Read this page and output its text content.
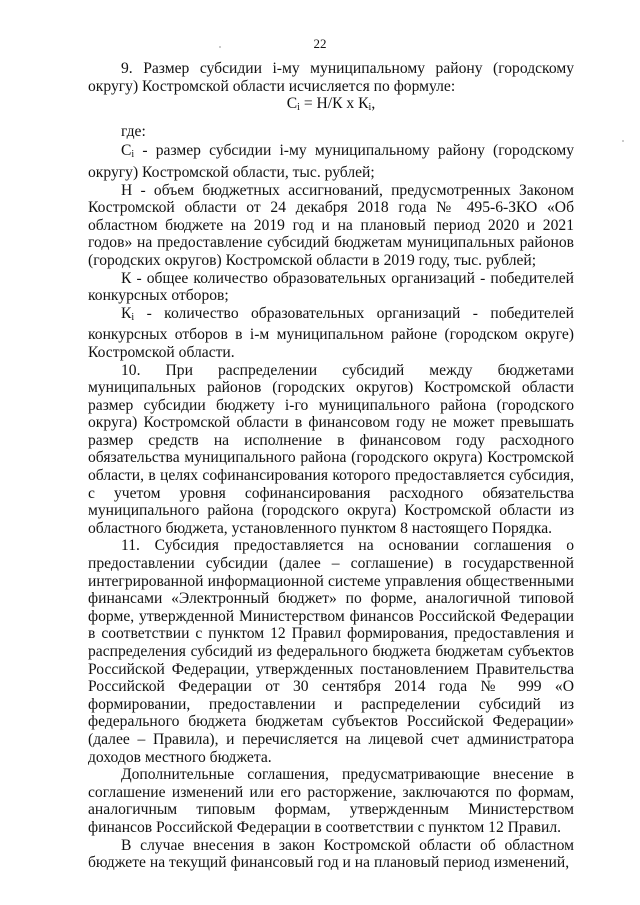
22

9. Размер субсидии i-му муниципальному району (городскому округу) Костромской области исчисляется по формуле:

$C_i = Н/К$ х $К_i$,

где:

$C_i$ - размер субсидии i-му муниципальному району (городскому округу) Костромской области, тыс. рублей;

Н - объем бюджетных ассигнований, предусмотренных Законом Костромской области от 24 декабря 2018 года № 495-6-ЗКО «Об областном бюджете на 2019 год и на плановый период 2020 и 2021 годов» на предоставление субсидий бюджетам муниципальных районов (городских округов) Костромской области в 2019 году, тыс. рублей;

К - общее количество образовательных организаций - победителей конкурсных отборов;

$К_i$ - количество образовательных организаций - победителей конкурсных отборов в i-м муниципальном районе (городском округе) Костромской области.

10. При распределении субсидий между бюджетами муниципальных районов (городских округов) Костромской области размер субсидии бюджету i-го муниципального района (городского округа) Костромской области в финансовом году не может превышать размер средств на исполнение в финансовом году расходного обязательства муниципального района (городского округа) Костромской области, в целях софинансирования которого предоставляется субсидия, с учетом уровня софинансирования расходного обязательства муниципального района (городского округа) Костромской области из областного бюджета, установленного пунктом 8 настоящего Порядка.

11. Субсидия предоставляется на основании соглашения о предоставлении субсидии (далее – соглашение) в государственной интегрированной информационной системе управления общественными финансами «Электронный бюджет» по форме, аналогичной типовой форме, утвержденной Министерством финансов Российской Федерации в соответствии с пунктом 12 Правил формирования, предоставления и распределения субсидий из федерального бюджета бюджетам субъектов Российской Федерации, утвержденных постановлением Правительства Российской Федерации от 30 сентября 2014 года № 999 «О формировании, предоставлении и распределении субсидий из федерального бюджета бюджетам субъектов Российской Федерации» (далее – Правила), и перечисляется на лицевой счет администратора доходов местного бюджета.

Дополнительные соглашения, предусматривающие внесение в соглашение изменений или его расторжение, заключаются по формам, аналогичным типовым формам, утвержденным Министерством финансов Российской Федерации в соответствии с пунктом 12 Правил.

В случае внесения в закон Костромской области об областном бюджете на текущий финансовый год и на плановый период изменений,
